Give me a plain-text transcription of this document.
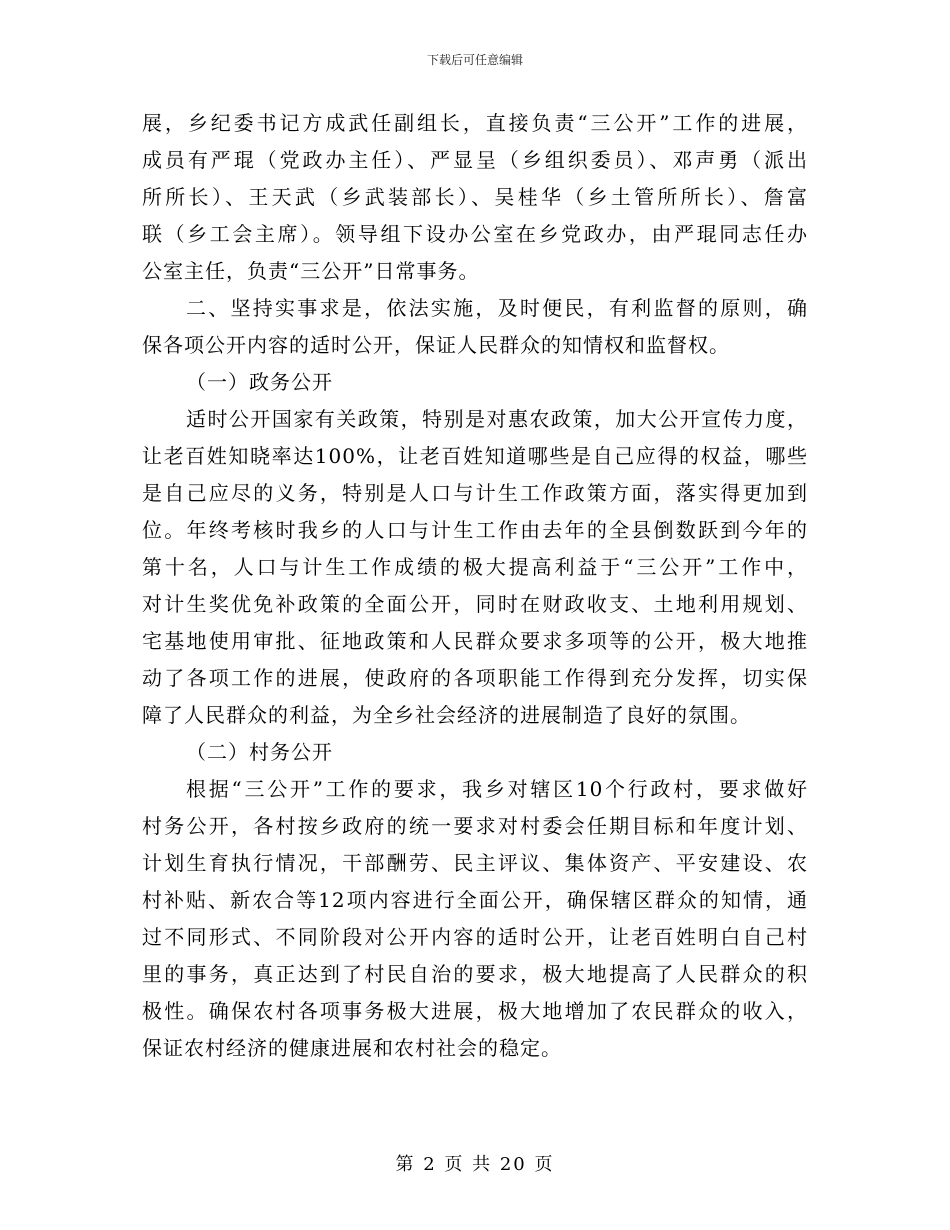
下载后可任意编辑
展，乡纪委书记方成武任副组长，直接负责“三公开”工作的进展，
成员有严琨（党政办主任）、严显呈（乡组织委员）、邓声勇（派出
所所长）、王天武（乡武装部长）、吴桂华（乡土管所所长）、詹富
联（乡工会主席）。领导组下设办公室在乡党政办，由严琨同志任办
公室主任，负责“三公开”日常事务。
二、坚持实事求是，依法实施，及时便民，有利监督的原则，确
保各项公开内容的适时公开，保证人民群众的知情权和监督权。
（一）政务公开
适时公开国家有关政策，特别是对惠农政策，加大公开宣传力度，
让老百姓知晓率达100%，让老百姓知道哪些是自己应得的权益，哪些
是自己应尽的义务，特别是人口与计生工作政策方面，落实得更加到
位。年终考核时我乡的人口与计生工作由去年的全县倒数跃到今年的
第十名，人口与计生工作成绩的极大提高利益于“三公开”工作中，
对计生奖优免补政策的全面公开，同时在财政收支、土地利用规划、
宅基地使用审批、征地政策和人民群众要求多项等的公开，极大地推
动了各项工作的进展，使政府的各项职能工作得到充分发挥，切实保
障了人民群众的利益，为全乡社会经济的进展制造了良好的氛围。
（二）村务公开
根据“三公开”工作的要求，我乡对辖区10个行政村，要求做好
村务公开，各村按乡政府的统一要求对村委会任期目标和年度计划、
计划生育执行情况，干部酬劳、民主评议、集体资产、平安建设、农
村补贴、新农合等12项内容进行全面公开，确保辖区群众的知情，通
过不同形式、不同阶段对公开内容的适时公开，让老百姓明白自己村
里的事务，真正达到了村民自治的要求，极大地提高了人民群众的积
极性。确保农村各项事务极大进展，极大地增加了农民群众的收入，
保证农村经济的健康进展和农村社会的稳定。
第 2 页 共 20 页
